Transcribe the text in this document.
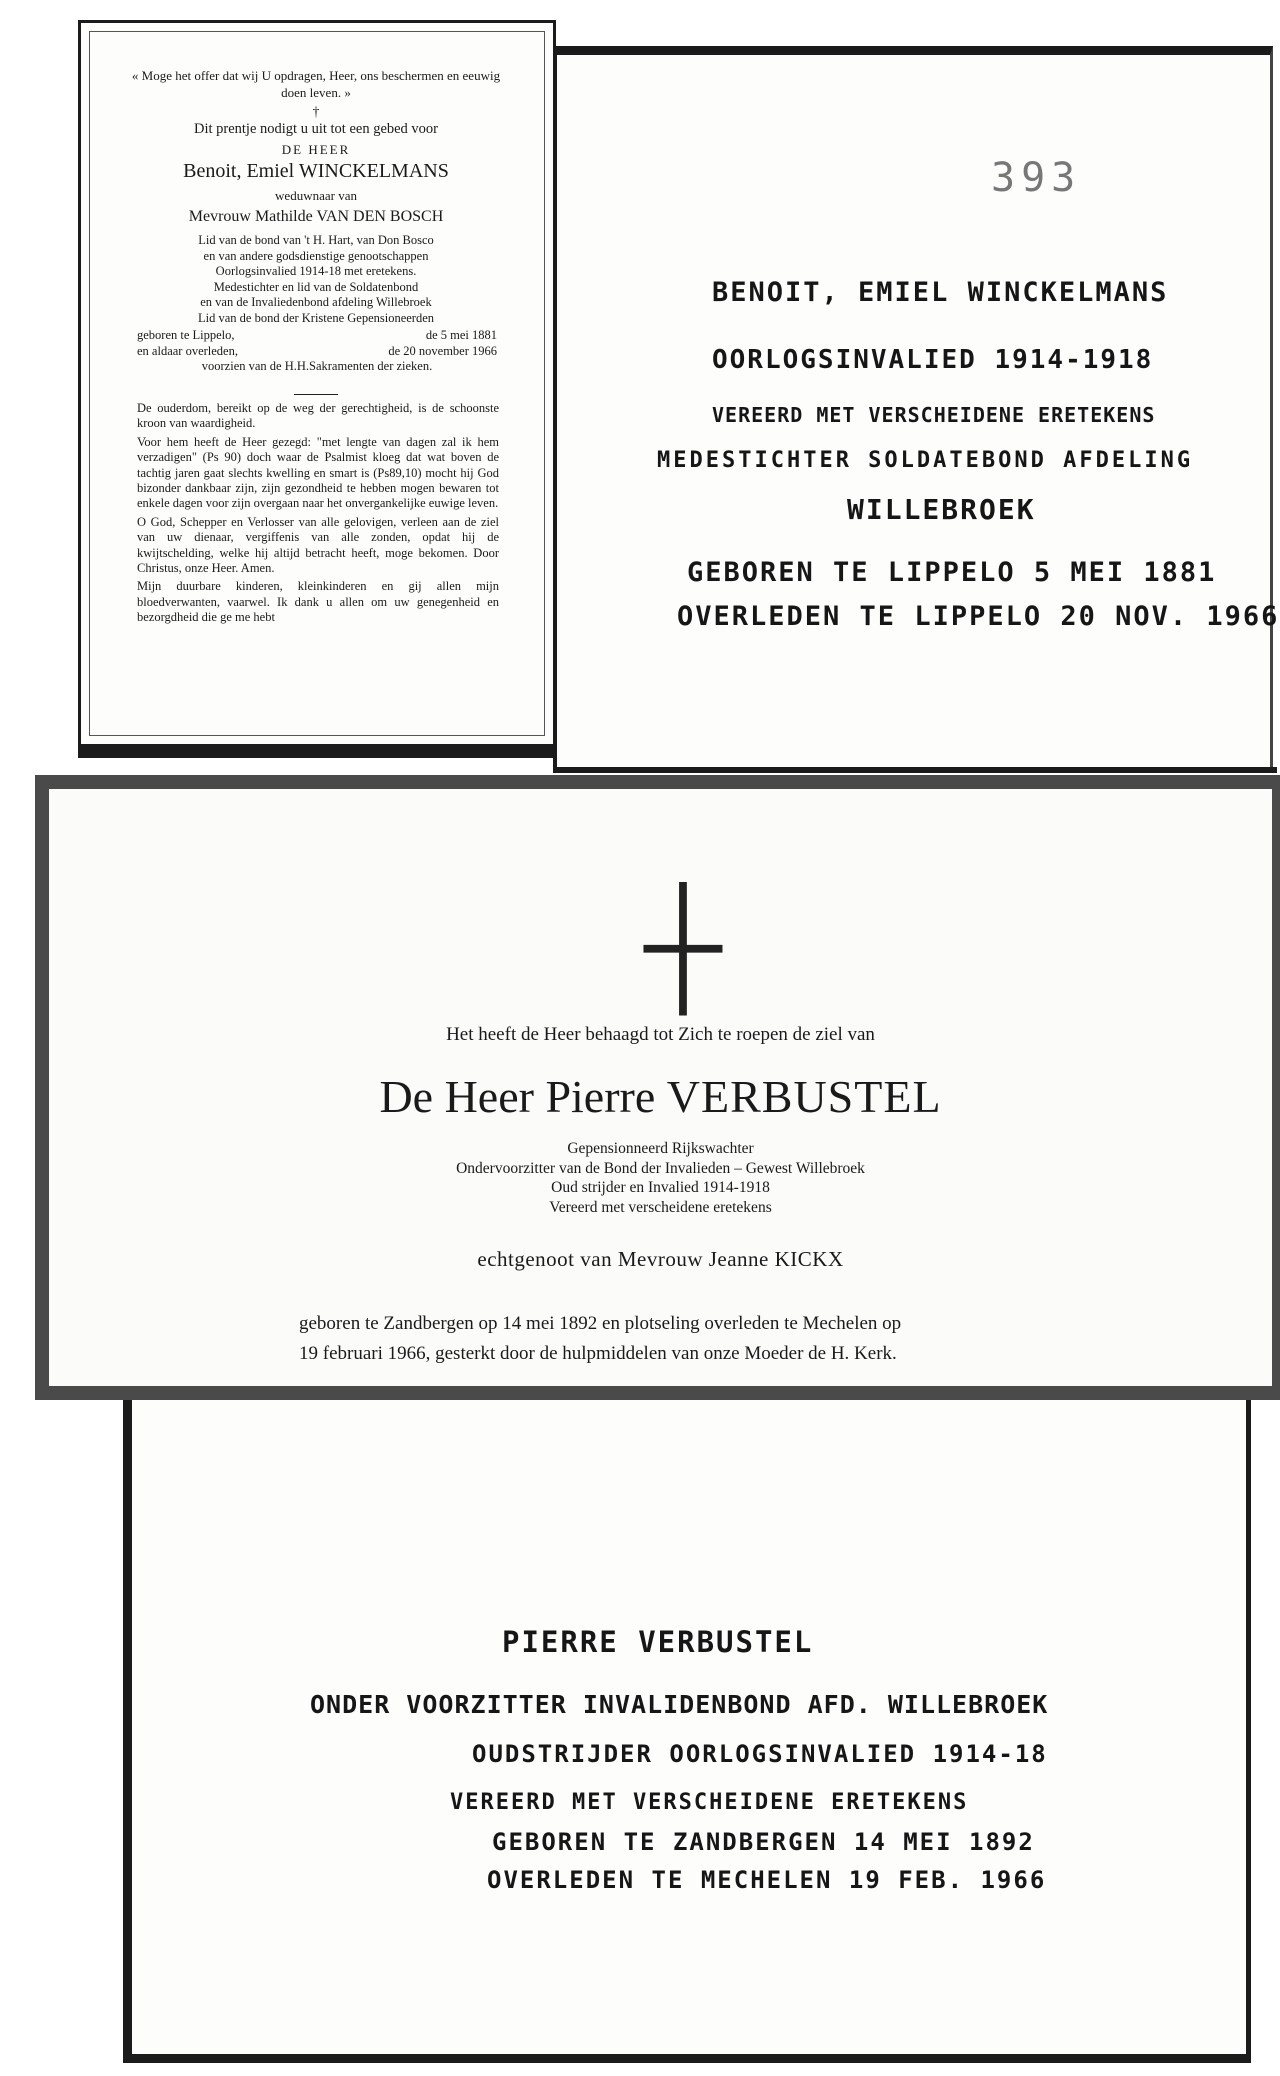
« Moge het offer dat wij U opdragen, Heer, ons beschermen en eeuwig doen leven. »
†
Dit prentje nodigt u uit tot een gebed voor
DE HEER
Benoit, Emiel WINCKELMANS
weduwnaar van
Mevrouw Mathilde VAN DEN BOSCH
Lid van de bond van 't H. Hart, van Don Bosco
en van andere godsdienstige genootschappen
Oorlogsinvalied 1914-18 met eretekens.
Medestichter en lid van de Soldatenbond
en van de Invaliedenbond afdeling Willebroek
Lid van de bond der Kristene Gepensioneerden
geboren te Lippelo,	de 5 mei 1881
en aldaar overleden,	de 20 november 1966
voorzien van de H.H.Sakramenten der zieken.

De ouderdom, bereikt op de weg der gerechtigheid, is de schoonste kroon van waardigheid.

Voor hem heeft de Heer gezegd: "met lengte van dagen zal ik hem verzadigen" (Ps 90) doch waar de Psalmist kloeg dat wat boven de tachtig jaren gaat slechts kwelling en smart is (Ps89,10) mocht hij God bizonder dankbaar zijn, zijn gezondheid te hebben mogen bewaren tot enkele dagen voor zijn overgaan naar het onvergankelijke euwige leven.

O God, Schepper en Verlosser van alle gelovigen, verleen aan de ziel van uw dienaar, vergiffenis van alle zonden, opdat hij de kwijtschelding, welke hij altijd betracht heeft, moge bekomen. Door Christus, onze Heer. Amen.

Mijn duurbare kinderen, kleinkinderen en gij allen mijn bloedverwanten, vaarwel. Ik dank u allen om uw genegenheid en bezorgdheid die ge me hebt

393
BENOIT, EMIEL WINCKELMANS
OORLOGSINVALIED 1914-1918
VEREERD MET VERSCHEIDENE ERETEKENS
MEDESTICHTER SOLDATEBOND AFDELING
WILLEBROEK
GEBOREN TE LIPPELO 5 MEI 1881
OVERLEDEN TE LIPPELO 20 NOV. 1966
┼
Het heeft de Heer behaagd tot Zich te roepen de ziel van
De Heer Pierre VERBUSTEL
Gepensionneerd Rijkswachter
Ondervoorzitter van de Bond der Invalieden – Gewest Willebroek
Oud strijder en Invalied 1914-1918
Vereerd met verscheidene eretekens
echtgenoot van Mevrouw Jeanne KICKX
geboren te Zandbergen op 14 mei 1892 en plotseling overleden te Mechelen op
19 februari 1966, gesterkt door de hulpmiddelen van onze Moeder de H. Kerk.
PIERRE VERBUSTEL
ONDER VOORZITTER INVALIDENBOND AFD. WILLEBROEK
OUDSTRIJDER OORLOGSINVALIED 1914-18
VEREERD MET VERSCHEIDENE ERETEKENS
GEBOREN TE ZANDBERGEN 14 MEI 1892
OVERLEDEN TE MECHELEN 19 FEB. 1966
